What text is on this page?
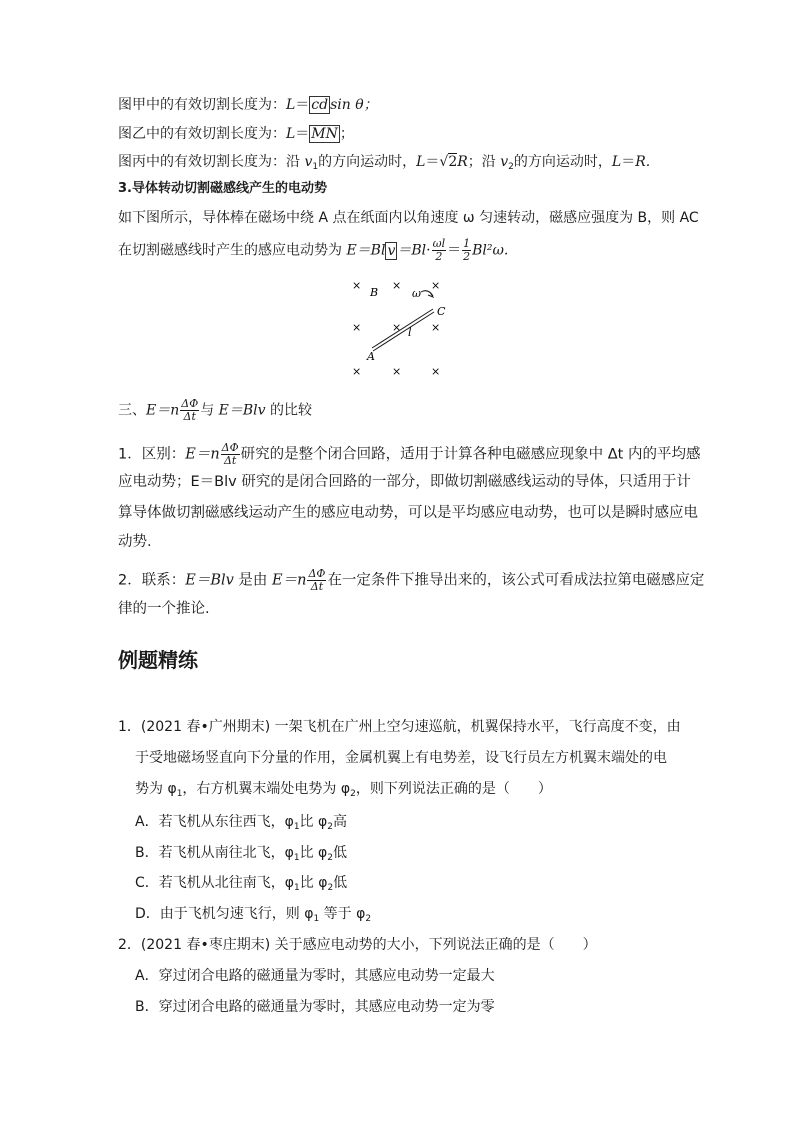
图甲中的有效切割长度为：L＝ cd sin θ；
图乙中的有效切割长度为：L＝ MN ；
图丙中的有效切割长度为：沿 $v_1$的方向运动时，L＝√2R；沿 $v_2$的方向运动时，L＝R.
3.导体转动切割磁感线产生的电动势
如下图所示，导体棒在磁场中绕 A 点在纸面内以角速度 ω 匀速转动，磁感应强度为 B，则 AC
在切割磁感线时产生的感应电动势为 E＝Bl $v =Bl\cdot \frac{\omega l}{2} = \frac{1}{2} Bl^2\omega$.
×	×	×
×	×	×
×	×	×
B	ω
C
l
A
三、$E=n \frac{\Delta\Phi}{\Delta t}$ 与 E＝Blv 的比较
1．区别：$E=n \frac{\Delta\Phi}{\Delta t}$ 研究的是整个闭合回路，适用于计算各种电磁感应现象中 Δt 内的平均感
应电动势；E＝Blv 研究的是闭合回路的一部分，即做切割磁感线运动的导体，只适用于计
算导体做切割磁感线运动产生的感应电动势，可以是平均感应电动势，也可以是瞬时感应电
动势.
2．联系：E＝Blv 是由 $E=n \frac{\Delta\Phi}{\Delta t}$ 在一定条件下推导出来的，该公式可看成法拉第电磁感应定
律的一个推论.
例题精练
1．(2021 春•广州期末) 一架飞机在广州上空匀速巡航，机翼保持水平，飞行高度不变，由
于受地磁场竖直向下分量的作用，金属机翼上有电势差，设飞行员左方机翼末端处的电
势为 $\varphi_1$，右方机翼末端处电势为 $\varphi_2$，则下列说法正确的是（　　）
A．若飞机从东往西飞，$\varphi_1$比 $\varphi_2$高
B．若飞机从南往北飞，$\varphi_1$比 $\varphi_2$低
C．若飞机从北往南飞，$\varphi_1$比 $\varphi_2$低
D．由于飞机匀速飞行，则 $\varphi_1$ 等于 $\varphi_2$
2．(2021 春•枣庄期末) 关于感应电动势的大小，下列说法正确的是（　　）
A．穿过闭合电路的磁通量为零时，其感应电动势一定最大
B．穿过闭合电路的磁通量为零时，其感应电动势一定为零
